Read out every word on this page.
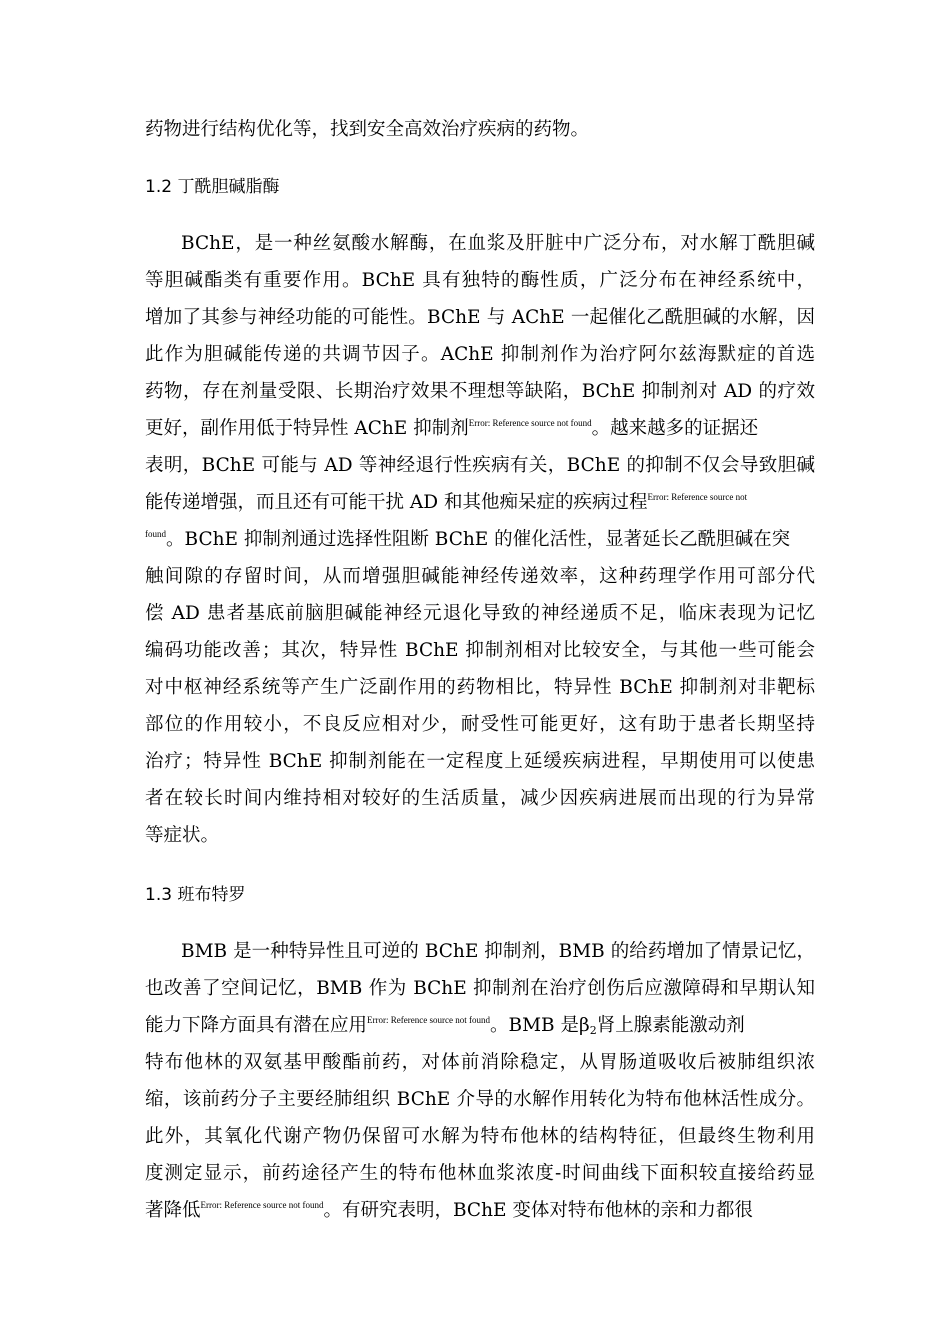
药物进行结构优化等，找到安全高效治疗疾病的药物。
1.2 丁酰胆碱脂酶
BChE，是一种丝氨酸水解酶，在血浆及肝脏中广泛分布，对水解丁酰胆碱
等胆碱酯类有重要作用。BChE 具有独特的酶性质，广泛分布在神经系统中，
增加了其参与神经功能的可能性。BChE 与 AChE 一起催化乙酰胆碱的水解，因
此作为胆碱能传递的共调节因子。AChE 抑制剂作为治疗阿尔兹海默症的首选
药物，存在剂量受限、长期治疗效果不理想等缺陷，BChE 抑制剂对 AD 的疗效
更好，副作用低于特异性 AChE 抑制剂$^{Error: Reference source not found}$。越来越多的证据还
表明，BChE 可能与 AD 等神经退行性疾病有关，BChE 的抑制不仅会导致胆碱
能传递增强，而且还有可能干扰 AD 和其他痴呆症的疾病过程$^{Error: Reference source not}$
$^{found}$。BChE 抑制剂通过选择性阻断 BChE 的催化活性，显著延长乙酰胆碱在突
触间隙的存留时间，从而增强胆碱能神经传递效率，这种药理学作用可部分代
偿 AD 患者基底前脑胆碱能神经元退化导致的神经递质不足，临床表现为记忆
编码功能改善；其次，特异性 BChE 抑制剂相对比较安全，与其他一些可能会
对中枢神经系统等产生广泛副作用的药物相比，特异性 BChE 抑制剂对非靶标
部位的作用较小，不良反应相对少，耐受性可能更好，这有助于患者长期坚持
治疗；特异性 BChE 抑制剂能在一定程度上延缓疾病进程，早期使用可以使患
者在较长时间内维持相对较好的生活质量，减少因疾病进展而出现的行为异常
等症状。
1.3 班布特罗
BMB 是一种特异性且可逆的 BChE 抑制剂，BMB 的给药增加了情景记忆，
也改善了空间记忆，BMB 作为 BChE 抑制剂在治疗创伤后应激障碍和早期认知
能力下降方面具有潜在应用$^{Error: Reference source not found}$。BMB 是$\beta_2$肾上腺素能激动剂
特布他林的双氨基甲酸酯前药，对体前消除稳定，从胃肠道吸收后被肺组织浓
缩，该前药分子主要经肺组织 BChE 介导的水解作用转化为特布他林活性成分。
此外，其氧化代谢产物仍保留可水解为特布他林的结构特征，但最终生物利用
度测定显示，前药途径产生的特布他林血浆浓度-时间曲线下面积较直接给药显
著降低$^{Error: Reference source not found}$。有研究表明，BChE 变体对特布他林的亲和力都很
